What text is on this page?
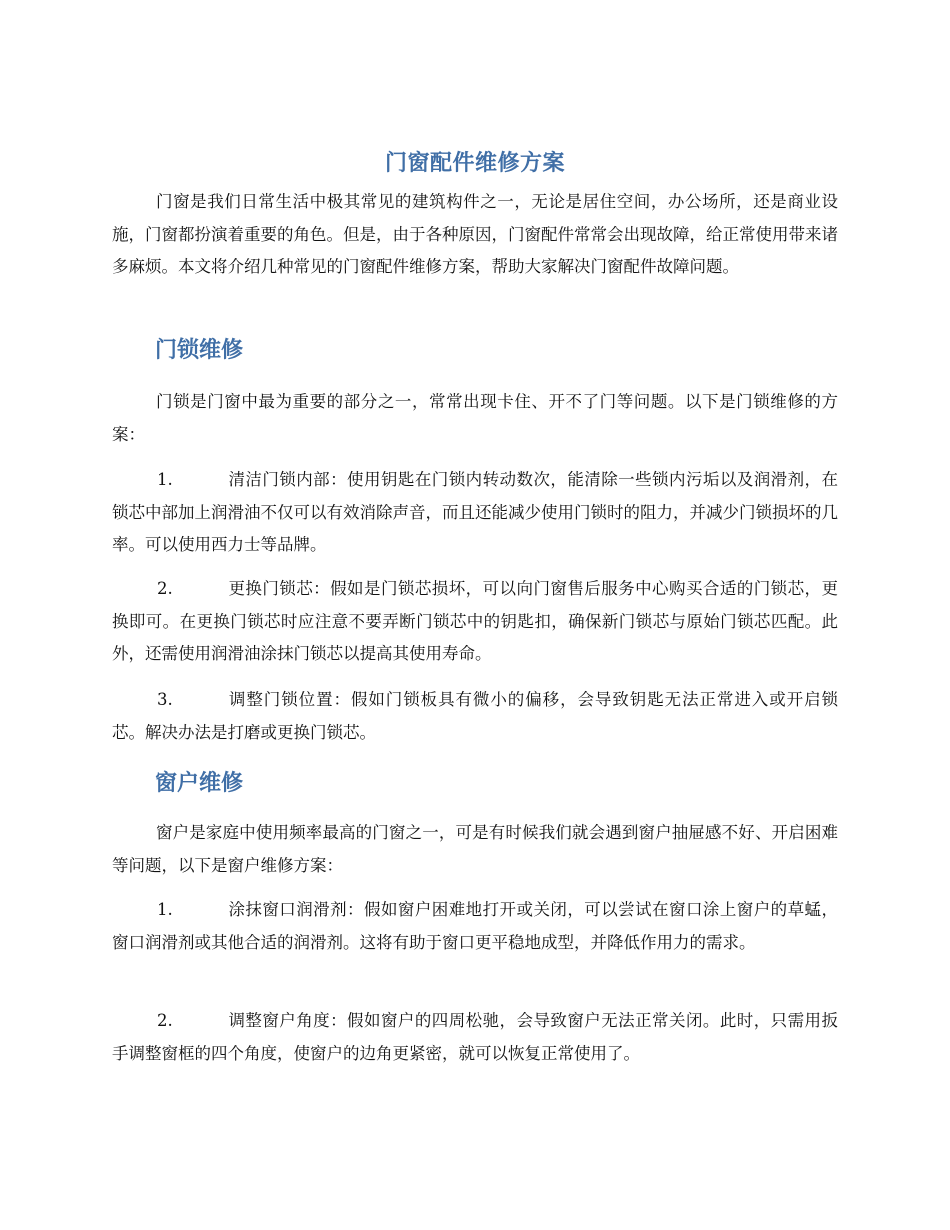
门窗配件维修方案

门窗是我们日常生活中极其常见的建筑构件之一，无论是居住空间，办公场所，还是商业设施，门窗都扮演着重要的角色。但是，由于各种原因，门窗配件常常会出现故障，给正常使用带来诸多麻烦。本文将介绍几种常见的门窗配件维修方案，帮助大家解决门窗配件故障问题。

门锁维修

门锁是门窗中最为重要的部分之一，常常出现卡住、开不了门等问题。以下是门锁维修的方案：

1.	清洁门锁内部：使用钥匙在门锁内转动数次，能清除一些锁内污垢以及润滑剂，在锁芯中部加上润滑油不仅可以有效消除声音，而且还能减少使用门锁时的阻力，并减少门锁损坏的几率。可以使用西力士等品牌。

2.	更换门锁芯：假如是门锁芯损坏，可以向门窗售后服务中心购买合适的门锁芯，更换即可。在更换门锁芯时应注意不要弄断门锁芯中的钥匙扣，确保新门锁芯与原始门锁芯匹配。此外，还需使用润滑油涂抹门锁芯以提高其使用寿命。

3.	调整门锁位置：假如门锁板具有微小的偏移，会导致钥匙无法正常进入或开启锁芯。解决办法是打磨或更换门锁芯。

窗户维修

窗户是家庭中使用频率最高的门窗之一，可是有时候我们就会遇到窗户抽屉感不好、开启困难等问题，以下是窗户维修方案：

1.	涂抹窗口润滑剂：假如窗户困难地打开或关闭，可以尝试在窗口涂上窗户的草蜢，窗口润滑剂或其他合适的润滑剂。这将有助于窗口更平稳地成型，并降低作用力的需求。

2.	调整窗户角度：假如窗户的四周松驰，会导致窗户无法正常关闭。此时，只需用扳手调整窗框的四个角度，使窗户的边角更紧密，就可以恢复正常使用了。
